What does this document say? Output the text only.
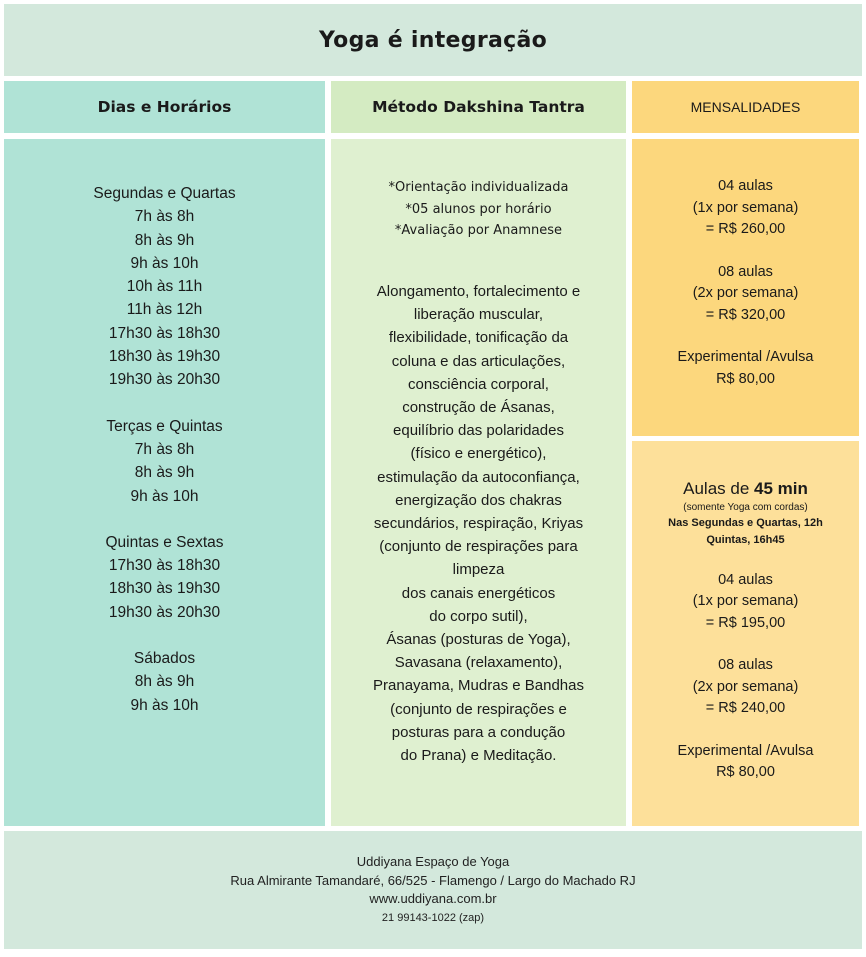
Yoga é integração
Dias e Horários	Método Dakshina Tantra	MENSALIDADES
Segundas e Quartas
7h às 8h
8h às 9h
9h às 10h
10h às 11h
11h às 12h
17h30 às 18h30
18h30 às 19h30
19h30 às 20h30
Terças e Quintas
7h às 8h
8h às 9h
9h às 10h
Quintas e Sextas
17h30 às 18h30
18h30 às 19h30
19h30 às 20h30
Sábados
8h às 9h
9h às 10h
*Orientação individualizada
*05 alunos por horário
*Avaliação por Anamnese
Alongamento, fortalecimento e
liberação muscular,
flexibilidade, tonificação da
coluna e das articulações,
consciência corporal,
construção de Ásanas,
equilíbrio das polaridades
(físico e energético),
estimulação da autoconfiança,
energização dos chakras
secundários, respiração, Kriyas
(conjunto de respirações para
limpeza
dos canais energéticos
do corpo sutil),
Ásanas (posturas de Yoga),
Savasana (relaxamento),
Pranayama, Mudras e Bandhas
(conjunto de respirações e
posturas para a condução
do Prana) e Meditação.
04 aulas
(1x por semana)
= R$ 260,00
08 aulas
(2x por semana)
= R$ 320,00
Experimental /Avulsa
R$ 80,00
Aulas de 45 min
(somente Yoga com cordas)
Nas Segundas e Quartas, 12h
Quintas, 16h45
04 aulas
(1x por semana)
= R$ 195,00
08 aulas
(2x por semana)
= R$ 240,00
Experimental /Avulsa
R$ 80,00
Uddiyana Espaço de Yoga
Rua Almirante Tamandaré, 66/525 - Flamengo / Largo do Machado RJ
www.uddiyana.com.br
21 99143-1022 (zap)
